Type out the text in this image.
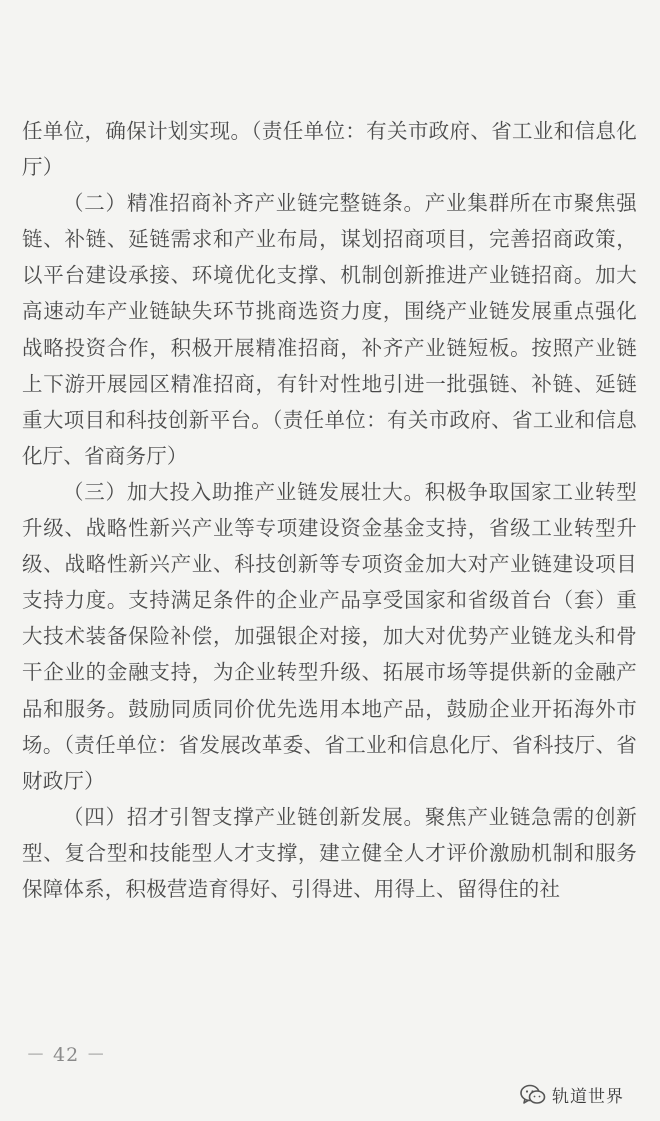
任单位，确保计划实现。（责任单位：有关市政府、省工业和信息化厅）

（二）精准招商补齐产业链完整链条。产业集群所在市聚焦强链、补链、延链需求和产业布局，谋划招商项目，完善招商政策，以平台建设承接、环境优化支撑、机制创新推进产业链招商。加大高速动车产业链缺失环节挑商选资力度，围绕产业链发展重点强化战略投资合作，积极开展精准招商，补齐产业链短板。按照产业链上下游开展园区精准招商，有针对性地引进一批强链、补链、延链重大项目和科技创新平台。（责任单位：有关市政府、省工业和信息化厅、省商务厅）

（三）加大投入助推产业链发展壮大。积极争取国家工业转型升级、战略性新兴产业等专项建设资金基金支持，省级工业转型升级、战略性新兴产业、科技创新等专项资金加大对产业链建设项目支持力度。支持满足条件的企业产品享受国家和省级首台（套）重大技术装备保险补偿，加强银企对接，加大对优势产业链龙头和骨干企业的金融支持，为企业转型升级、拓展市场等提供新的金融产品和服务。鼓励同质同价优先选用本地产品，鼓励企业开拓海外市场。（责任单位：省发展改革委、省工业和信息化厅、省科技厅、省财政厅）

（四）招才引智支撑产业链创新发展。聚焦产业链急需的创新型、复合型和技能型人才支撑，建立健全人才评价激励机制和服务保障体系，积极营造育得好、引得进、用得上、留得住的社

－ 42 －
轨道世界
